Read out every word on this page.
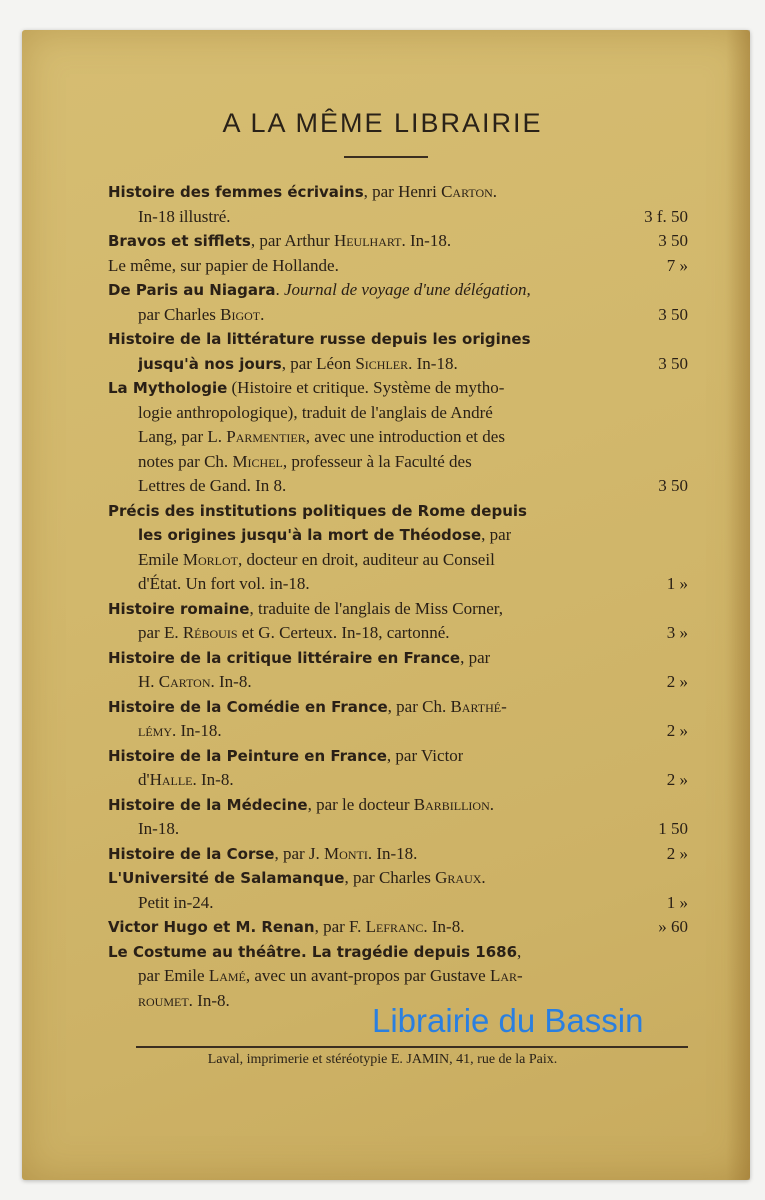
A LA MÊME LIBRAIRIE
Histoire des femmes écrivains, par Henri Carton.
In-18 illustré.	3 f. 50
Bravos et sifflets, par Arthur Heulhart. In-18.	3 50
Le même, sur papier de Hollande.	7 »
De Paris au Niagara. Journal de voyage d'une délégation,
par Charles Bigot.	3 50
Histoire de la littérature russe depuis les origines
jusqu'à nos jours, par Léon Sichler. In-18.	3 50
La Mythologie (Histoire et critique. Système de mytho-
logie anthropologique), traduit de l'anglais de André
Lang, par L. Parmentier, avec une introduction et des
notes par Ch. Michel, professeur à la Faculté des
Lettres de Gand. In 8.	3 50
Précis des institutions politiques de Rome depuis
les origines jusqu'à la mort de Théodose, par
Emile Morlot, docteur en droit, auditeur au Conseil
d'État. Un fort vol. in-18.	1 »
Histoire romaine, traduite de l'anglais de Miss Corner,
par E. Rébouis et G. Certeux. In-18, cartonné.	3 »
Histoire de la critique littéraire en France, par
H. Carton. In-8.	2 »
Histoire de la Comédie en France, par Ch. Barthé-
lémy. In-18.	2 »
Histoire de la Peinture en France, par Victor
d'Halle. In-8.	2 »
Histoire de la Médecine, par le docteur Barbillion.
In-18.	1 50
Histoire de la Corse, par J. Monti. In-18.	2 »
L'Université de Salamanque, par Charles Graux.
Petit in-24.	1 »
Victor Hugo et M. Renan, par F. Lefranc. In-8.	» 60
Le Costume au théâtre. La tragédie depuis 1686,
par Emile Lamé, avec un avant-propos par Gustave Lar-
roumet. In-8.
Laval, imprimerie et stéréotypie E. JAMIN, 41, rue de la Paix.
Librairie du Bassin
